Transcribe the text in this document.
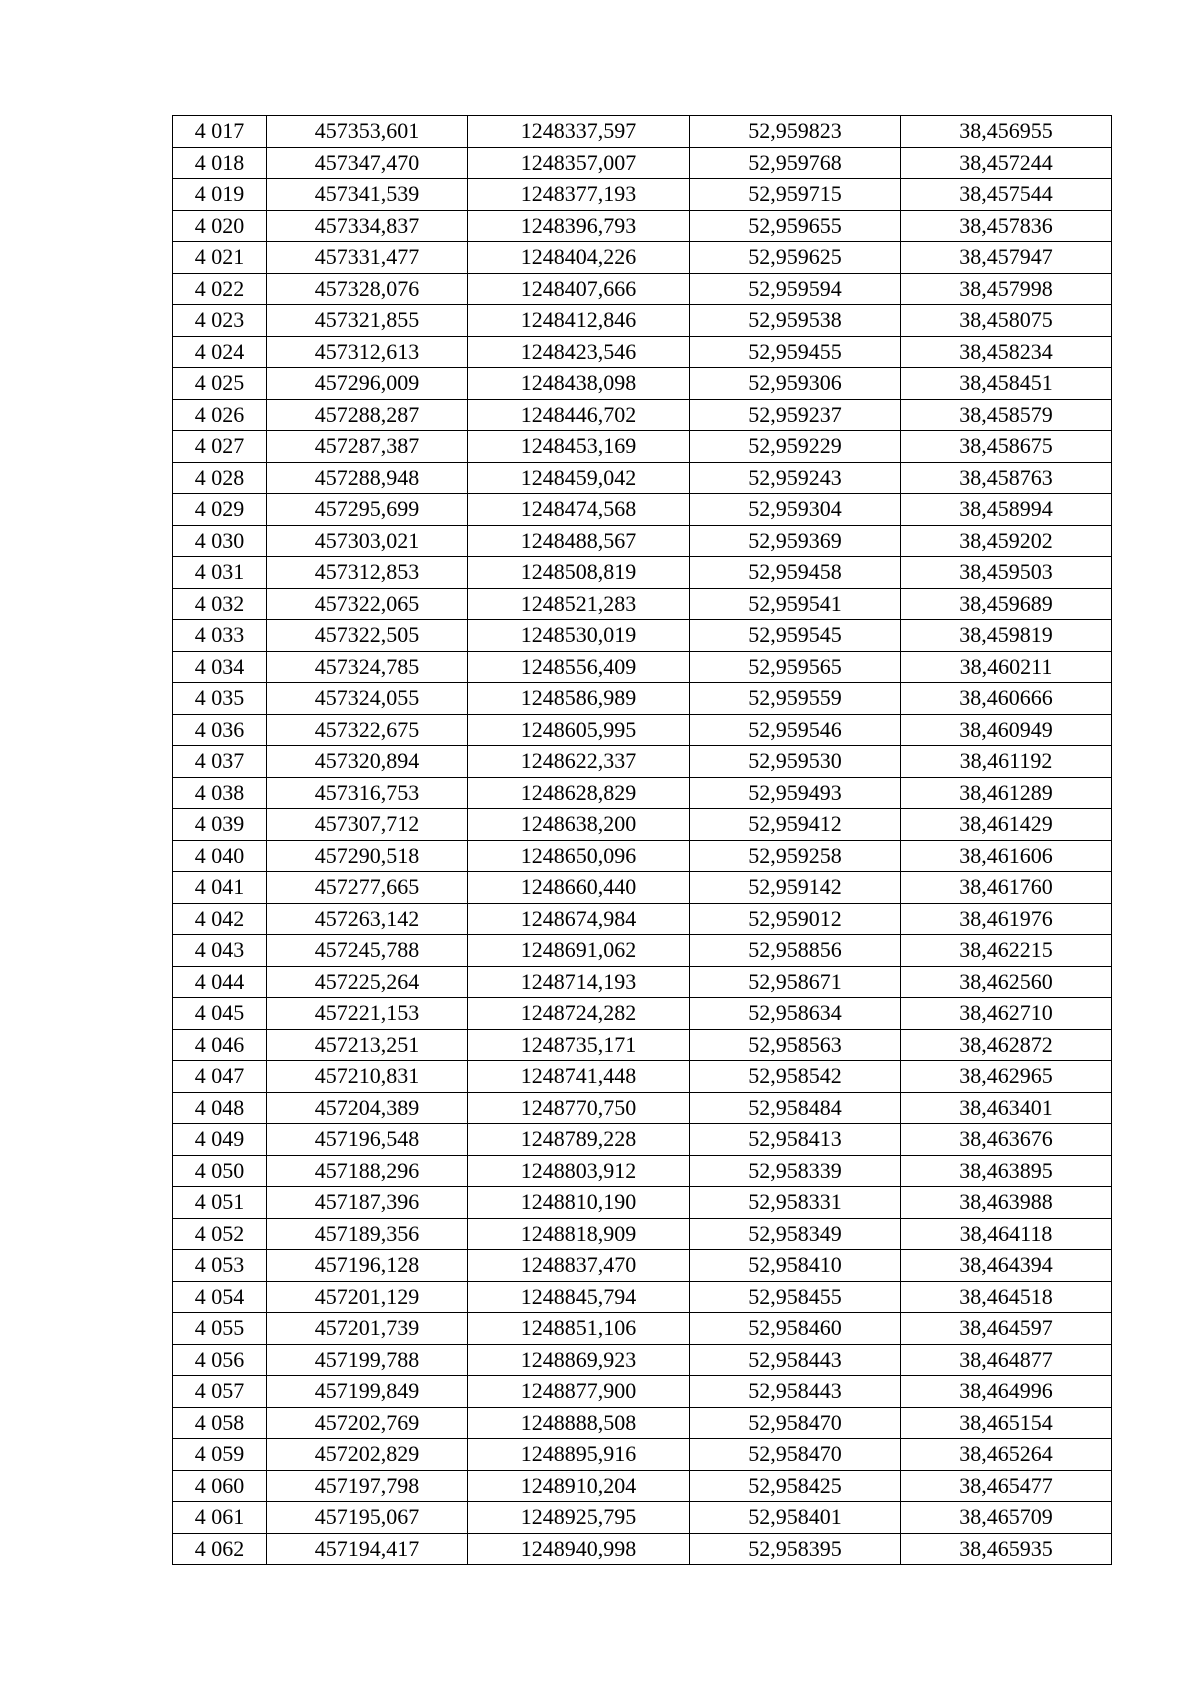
4 017	457353,601	1248337,597	52,959823	38,456955
4 018	457347,470	1248357,007	52,959768	38,457244
4 019	457341,539	1248377,193	52,959715	38,457544
4 020	457334,837	1248396,793	52,959655	38,457836
4 021	457331,477	1248404,226	52,959625	38,457947
4 022	457328,076	1248407,666	52,959594	38,457998
4 023	457321,855	1248412,846	52,959538	38,458075
4 024	457312,613	1248423,546	52,959455	38,458234
4 025	457296,009	1248438,098	52,959306	38,458451
4 026	457288,287	1248446,702	52,959237	38,458579
4 027	457287,387	1248453,169	52,959229	38,458675
4 028	457288,948	1248459,042	52,959243	38,458763
4 029	457295,699	1248474,568	52,959304	38,458994
4 030	457303,021	1248488,567	52,959369	38,459202
4 031	457312,853	1248508,819	52,959458	38,459503
4 032	457322,065	1248521,283	52,959541	38,459689
4 033	457322,505	1248530,019	52,959545	38,459819
4 034	457324,785	1248556,409	52,959565	38,460211
4 035	457324,055	1248586,989	52,959559	38,460666
4 036	457322,675	1248605,995	52,959546	38,460949
4 037	457320,894	1248622,337	52,959530	38,461192
4 038	457316,753	1248628,829	52,959493	38,461289
4 039	457307,712	1248638,200	52,959412	38,461429
4 040	457290,518	1248650,096	52,959258	38,461606
4 041	457277,665	1248660,440	52,959142	38,461760
4 042	457263,142	1248674,984	52,959012	38,461976
4 043	457245,788	1248691,062	52,958856	38,462215
4 044	457225,264	1248714,193	52,958671	38,462560
4 045	457221,153	1248724,282	52,958634	38,462710
4 046	457213,251	1248735,171	52,958563	38,462872
4 047	457210,831	1248741,448	52,958542	38,462965
4 048	457204,389	1248770,750	52,958484	38,463401
4 049	457196,548	1248789,228	52,958413	38,463676
4 050	457188,296	1248803,912	52,958339	38,463895
4 051	457187,396	1248810,190	52,958331	38,463988
4 052	457189,356	1248818,909	52,958349	38,464118
4 053	457196,128	1248837,470	52,958410	38,464394
4 054	457201,129	1248845,794	52,958455	38,464518
4 055	457201,739	1248851,106	52,958460	38,464597
4 056	457199,788	1248869,923	52,958443	38,464877
4 057	457199,849	1248877,900	52,958443	38,464996
4 058	457202,769	1248888,508	52,958470	38,465154
4 059	457202,829	1248895,916	52,958470	38,465264
4 060	457197,798	1248910,204	52,958425	38,465477
4 061	457195,067	1248925,795	52,958401	38,465709
4 062	457194,417	1248940,998	52,958395	38,465935
